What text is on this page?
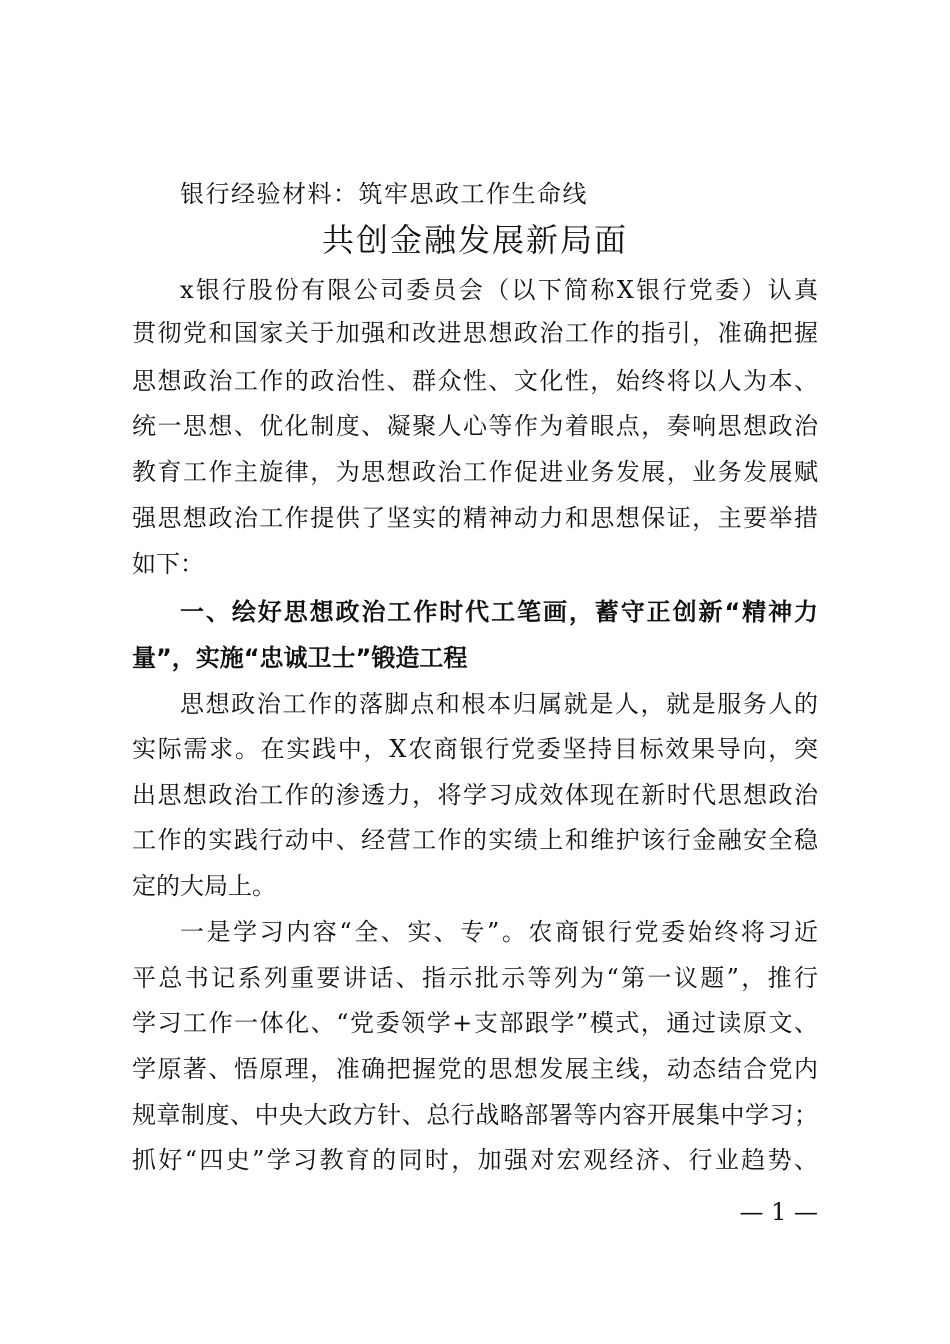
银行经验材料：筑牢思政工作生命线
共创金融发展新局面
x银行股份有限公司委员会（以下简称X银行党委）认真
贯彻党和国家关于加强和改进思想政治工作的指引，准确把握
思想政治工作的政治性、群众性、文化性，始终将以人为本、
统一思想、优化制度、凝聚人心等作为着眼点，奏响思想政治
教育工作主旋律，为思想政治工作促进业务发展，业务发展赋
强思想政治工作提供了坚实的精神动力和思想保证，主要举措
如下：
一、绘好思想政治工作时代工笔画，蓄守正创新“精神力
量”，实施“忠诚卫士”锻造工程
思想政治工作的落脚点和根本归属就是人，就是服务人的
实际需求。在实践中，X农商银行党委坚持目标效果导向，突
出思想政治工作的渗透力，将学习成效体现在新时代思想政治
工作的实践行动中、经营工作的实绩上和维护该行金融安全稳
定的大局上。
一是学习内容“全、实、专”。农商银行党委始终将习近
平总书记系列重要讲话、指示批示等列为“第一议题”，推行
学习工作一体化、“党委领学+支部跟学”模式，通过读原文、
学原著、悟原理，准确把握党的思想发展主线，动态结合党内
规章制度、中央大政方针、总行战略部署等内容开展集中学习；
抓好“四史”学习教育的同时，加强对宏观经济、行业趋势、
— 1 —
